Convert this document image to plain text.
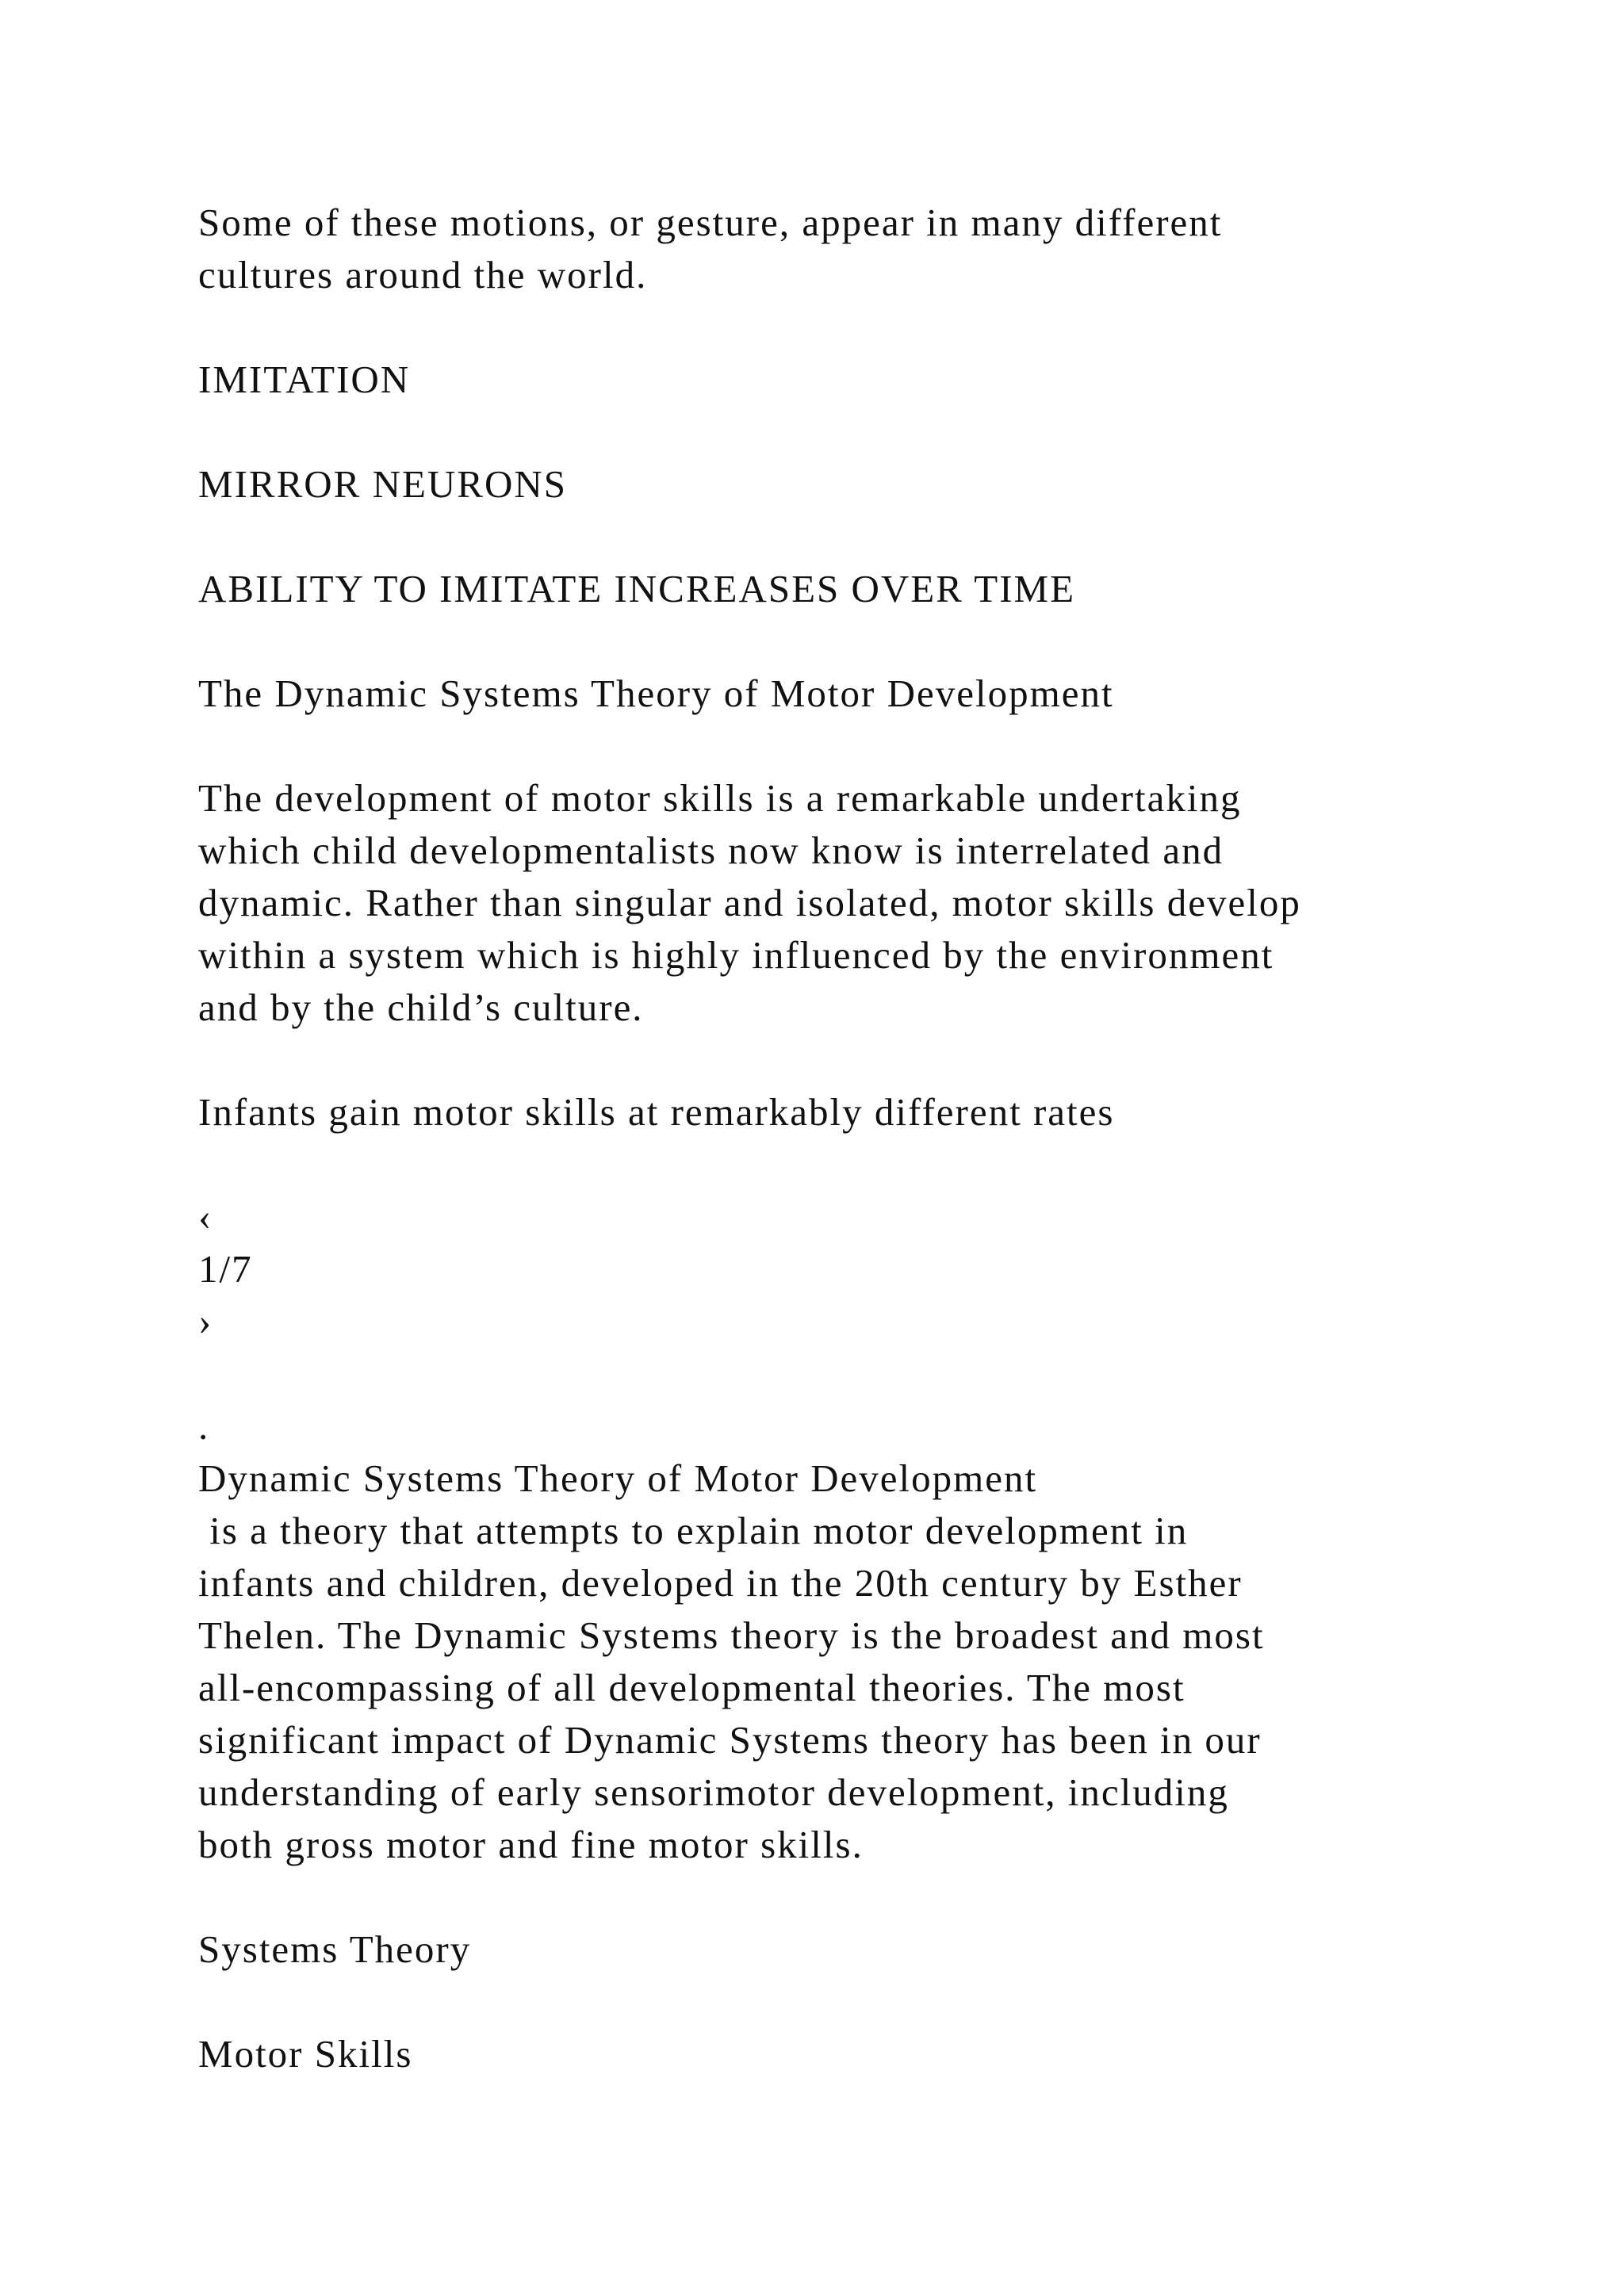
Some of these motions, or gesture, appear in many different
cultures around the world.

IMITATION
MIRROR NEURONS
ABILITY TO IMITATE INCREASES OVER TIME
The Dynamic Systems Theory of Motor Development

The development of motor skills is a remarkable undertaking
which child developmentalists now know is interrelated and
dynamic. Rather than singular and isolated, motor skills develop
within a system which is highly influenced by the environment
and by the child’s culture.

Infants gain motor skills at remarkably different rates
‹
1/7
›
.
Dynamic Systems Theory of Motor Development

is a theory that attempts to explain motor development in
infants and children, developed in the 20th century by Esther
Thelen. The Dynamic Systems theory is the broadest and most
all-encompassing of all developmental theories. The most
significant impact of Dynamic Systems theory has been in our
understanding of early sensorimotor development, including
both gross motor and fine motor skills.

Systems Theory
Motor Skills
